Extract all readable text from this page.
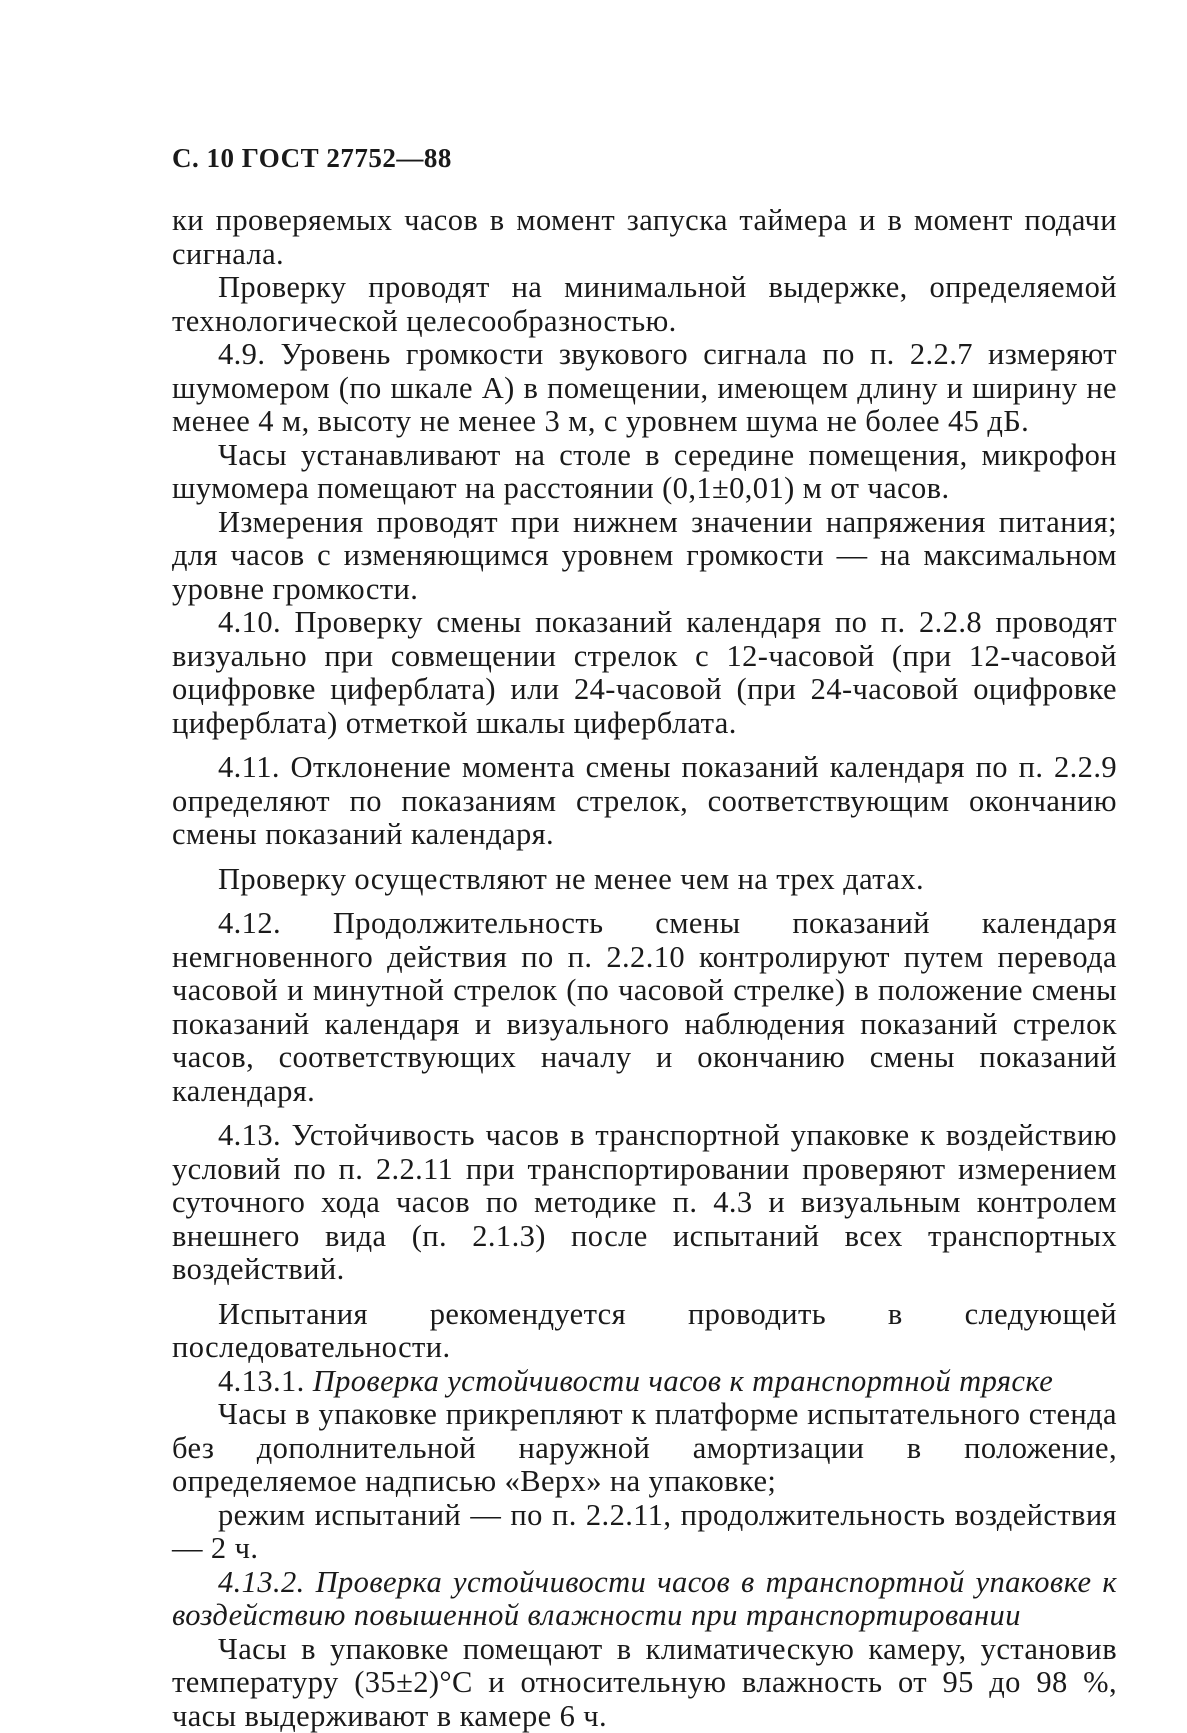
С. 10 ГОСТ 27752—88

ки проверяемых часов в момент запуска таймера и в момент подачи сигнала.

Проверку проводят на минимальной выдержке, определяемой технологической целесообразностью.

4.9. Уровень громкости звукового сигнала по п. 2.2.7 измеряют шумомером (по шкале А) в помещении, имеющем длину и ширину не менее 4 м, высоту не менее 3 м, с уровнем шума не более 45 дБ.

Часы устанавливают на столе в середине помещения, микрофон шумомера помещают на расстоянии (0,1±0,01) м от часов.

Измерения проводят при нижнем значении напряжения питания; для часов с изменяющимся уровнем громкости — на максимальном уровне громкости.

4.10. Проверку смены показаний календаря по п. 2.2.8 проводят визуально при совмещении стрелок с 12-часовой (при 12-часовой оцифровке циферблата) или 24-часовой (при 24-часовой оцифровке циферблата) отметкой шкалы циферблата.

4.11. Отклонение момента смены показаний календаря по п. 2.2.9 определяют по показаниям стрелок, соответствующим окончанию смены показаний календаря.

Проверку осуществляют не менее чем на трех датах.

4.12. Продолжительность смены показаний календаря немгновенного действия по п. 2.2.10 контролируют путем перевода часовой и минутной стрелок (по часовой стрелке) в положение смены показаний календаря и визуального наблюдения показаний стрелок часов, соответствующих началу и окончанию смены показаний календаря.

4.13. Устойчивость часов в транспортной упаковке к воздействию условий по п. 2.2.11 при транспортировании проверяют измерением суточного хода часов по методике п. 4.3 и визуальным контролем внешнего вида (п. 2.1.3) после испытаний всех транспортных воздействий.

Испытания рекомендуется проводить в следующей последовательности.

4.13.1. Проверка устойчивости часов к транспортной тряске

Часы в упаковке прикрепляют к платформе испытательного стенда без дополнительной наружной амортизации в положение, определяемое надписью «Верх» на упаковке;

режим испытаний — по п. 2.2.11, продолжительность воздействия — 2 ч.

4.13.2. Проверка устойчивости часов в транспортной упаковке к воздействию повышенной влажности при транспортировании

Часы в упаковке помещают в климатическую камеру, установив температуру (35±2)°С и относительную влажность от 95 до 98 %, часы выдерживают в камере 6 ч.
